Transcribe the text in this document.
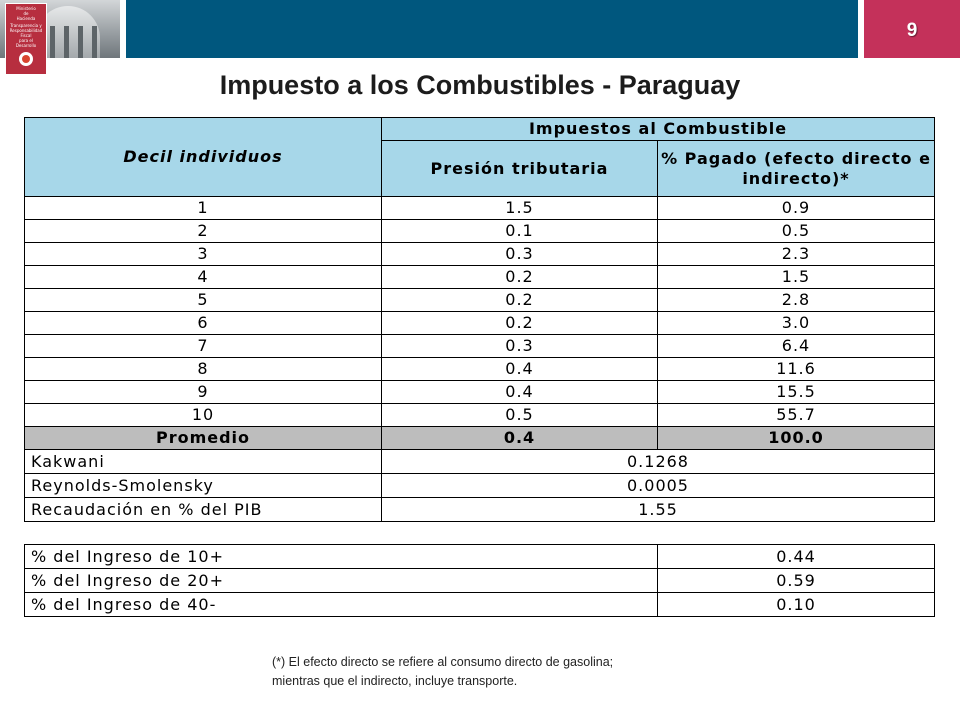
Ministerio
de
Hacienda
Transparencia y
Responsabilidad
Fiscal
para el
Desarrollo
9
Impuesto a los Combustibles - Paraguay
Decil individuos	Impuestos al Combustible	
	Presión tributaria	% Pagado (efecto directo e indirecto)*
1	1.5	0.9
2	0.1	0.5
3	0.3	2.3
4	0.2	1.5
5	0.2	2.8
6	0.2	3.0
7	0.3	6.4
8	0.4	11.6
9	0.4	15.5
10	0.5	55.7
Promedio	0.4	100.0
Kakwani	0.1268	
Reynolds-Smolensky	0.0005	
Recaudación en % del PIB	1.55	
% del Ingreso de 10+	0.44
% del Ingreso de 20+	0.59
% del Ingreso de 40-	0.10
(*) El efecto directo se refiere al consumo directo de gasolina;
mientras que el indirecto, incluye transporte.
